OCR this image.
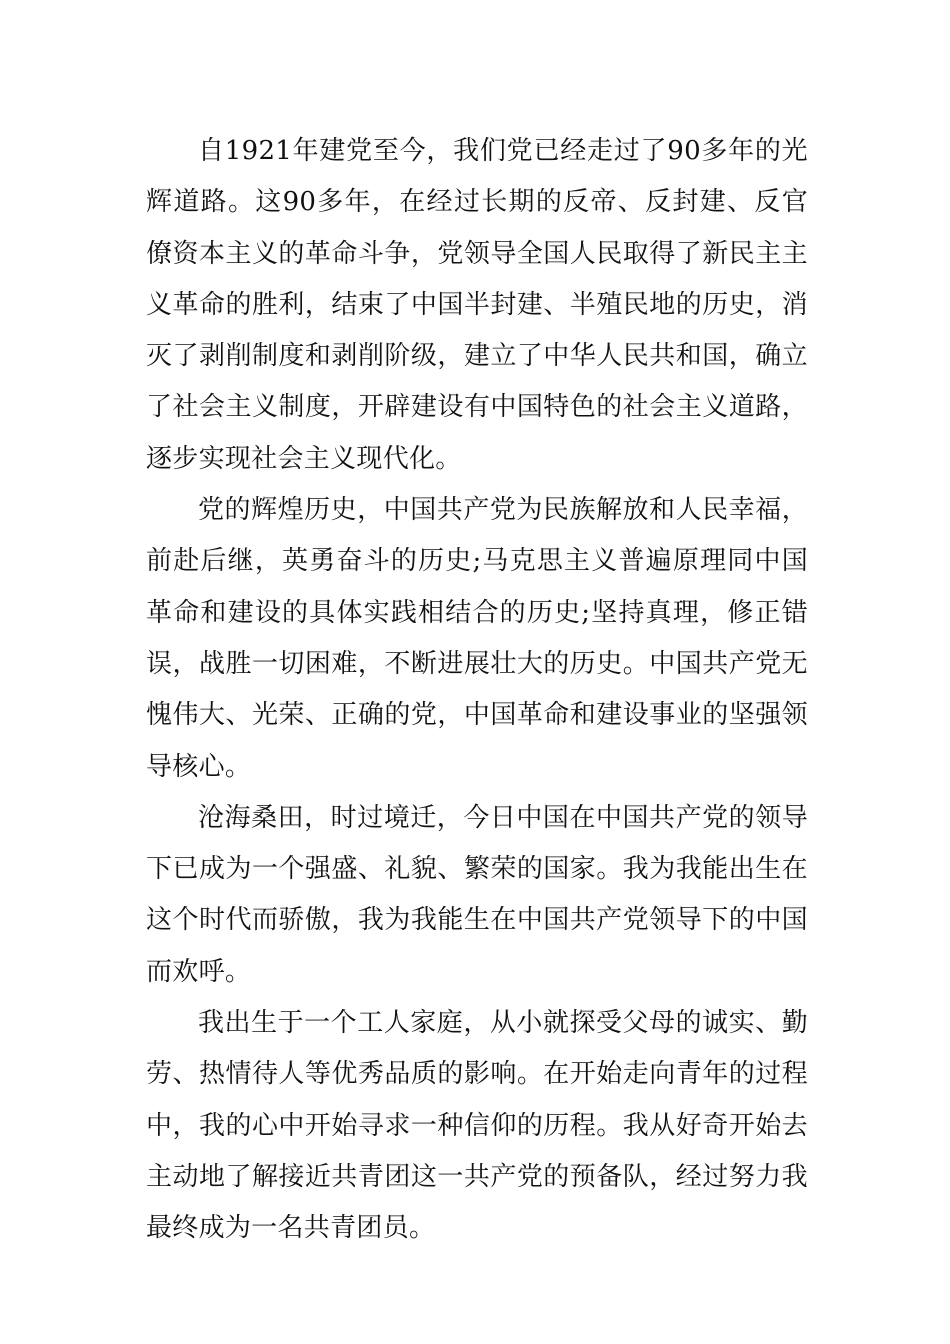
自1921年建党至今，我们党已经走过了90多年的光辉道路。这90多年，在经过长期的反帝、反封建、反官僚资本主义的革命斗争，党领导全国人民取得了新民主主义革命的胜利，结束了中国半封建、半殖民地的历史，消灭了剥削制度和剥削阶级，建立了中华人民共和国，确立了社会主义制度，开辟建设有中国特色的社会主义道路，逐步实现社会主义现代化。

党的辉煌历史，中国共产党为民族解放和人民幸福，前赴后继，英勇奋斗的历史;马克思主义普遍原理同中国革命和建设的具体实践相结合的历史;坚持真理，修正错误，战胜一切困难，不断进展壮大的历史。中国共产党无愧伟大、光荣、正确的党，中国革命和建设事业的坚强领导核心。

沧海桑田，时过境迁，今日中国在中国共产党的领导下已成为一个强盛、礼貌、繁荣的国家。我为我能出生在这个时代而骄傲，我为我能生在中国共产党领导下的中国而欢呼。

我出生于一个工人家庭，从小就探受父母的诚实、勤劳、热情待人等优秀品质的影响。在开始走向青年的过程中，我的心中开始寻求一种信仰的历程。我从好奇开始去主动地了解接近共青团这一共产党的预备队，经过努力我最终成为一名共青团员。
